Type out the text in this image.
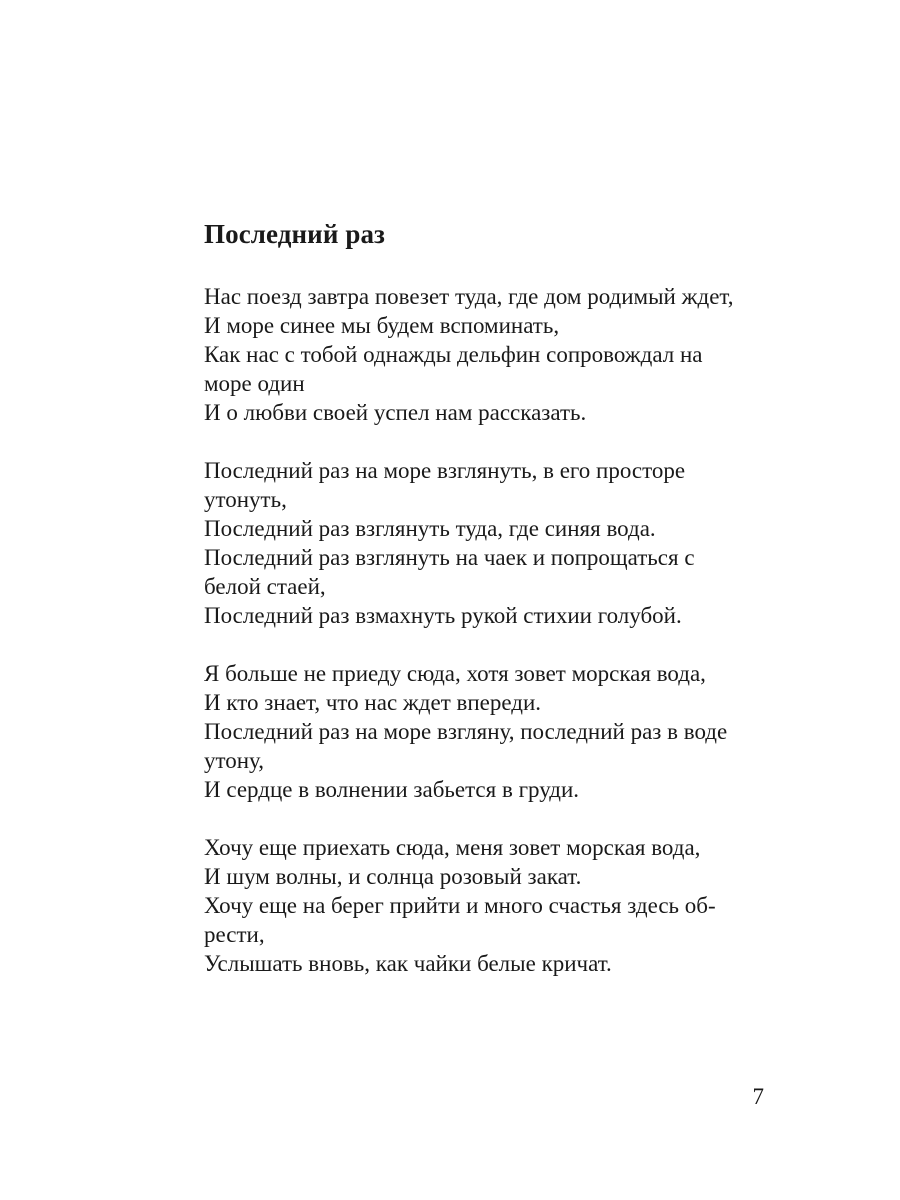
Последний раз
Нас поезд завтра повезет туда, где дом родимый ждет,
И море синее мы будем вспоминать,
Как нас с тобой однажды дельфин сопровождал на
море один
И о любви своей успел нам рассказать.
Последний раз на море взглянуть, в его просторе
утонуть,
Последний раз взглянуть туда, где синяя вода.
Последний раз взглянуть на чаек и попрощаться с
белой стаей,
Последний раз взмахнуть рукой стихии голубой.
Я больше не приеду сюда, хотя зовет морская вода,
И кто знает, что нас ждет впереди.
Последний раз на море взгляну, последний раз в воде
утону,
И сердце в волнении забьется в груди.
Хочу еще приехать сюда, меня зовет морская вода,
И шум волны, и солнца розовый закат.
Хочу еще на берег прийти и много счастья здесь об-
рести,
Услышать вновь, как чайки белые кричат.
7
